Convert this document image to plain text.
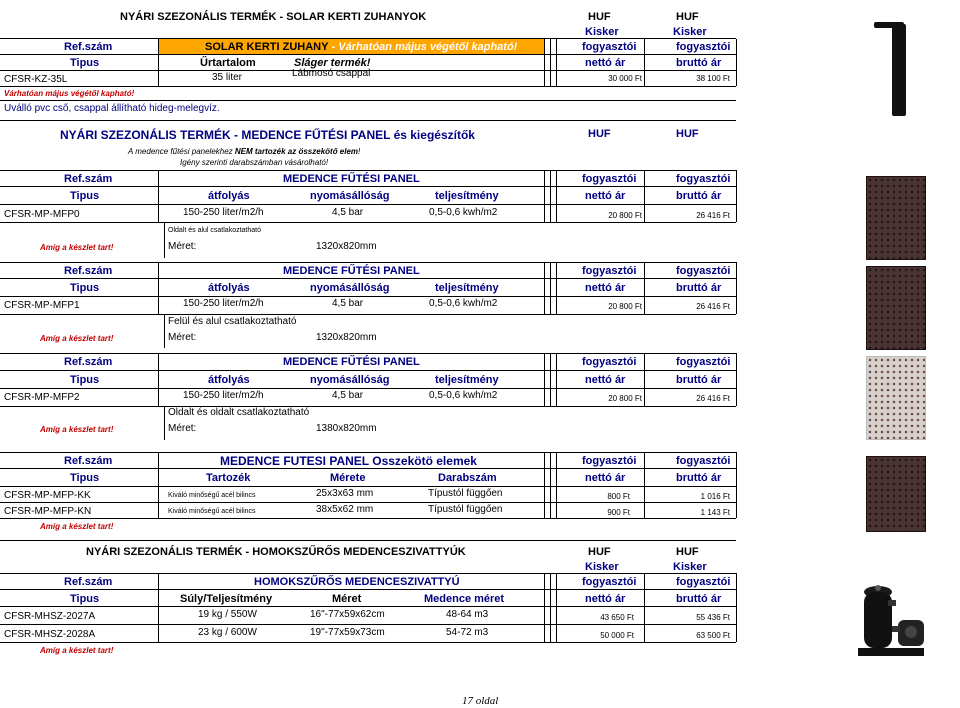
NYÁRI SZEZONÁLIS TERMÉK - SOLAR KERTI ZUHANYOK	HUF	HUF
Kisker	Kisker
Ref.szám	SOLAR KERTI ZUHANY - Várhatóan május végétől kapható!	fogyasztói	fogyasztói
Tipus	Űrtartalom	Sláger termék!	nettó ár	bruttó ár
CFSR-KZ-35L	35 liter	Lábmosó csappal	30 000 Ft	38 100 Ft
Várhatóan május végétől kapható!
Uválló pvc cső, csappal állítható hideg-melegvíz.
NYÁRI SZEZONÁLIS TERMÉK - MEDENCE FŰTÉSI PANEL és kiegészítők	HUF	HUF
A medence fűtési panelekhez NEM tartozék az összekötő elem!
Igény szerinti darabszámban vásárolható!
Ref.szám	MEDENCE FŰTÉSI PANEL	fogyasztói	fogyasztói
Tipus	átfolyás	nyomásállóság	teljesítmény	nettó ár	bruttó ár
CFSR-MP-MFP0	150-250 liter/m2/h	4,5 bar	0,5-0,6 kwh/m2	20 800 Ft	26 416 Ft
Oldalt és alul csatlakoztatható
Amíg a készlet tart!	Méret:	1320x820mm
Ref.szám	MEDENCE FŰTÉSI PANEL	fogyasztói	fogyasztói
Tipus	átfolyás	nyomásállóság	teljesítmény	nettó ár	bruttó ár
CFSR-MP-MFP1	150-250 liter/m2/h	4,5 bar	0,5-0,6 kwh/m2	20 800 Ft	26 416 Ft
Felül és alul csatlakoztatható
Amíg a készlet tart!	Méret:	1320x820mm
Ref.szám	MEDENCE FŰTÉSI PANEL	fogyasztói	fogyasztói
Tipus	átfolyás	nyomásállóság	teljesítmény	nettó ár	bruttó ár
CFSR-MP-MFP2	150-250 liter/m2/h	4,5 bar	0,5-0,6 kwh/m2	20 800 Ft	26 416 Ft
Oldalt és oldalt csatlakoztatható
Amíg a készlet tart!	Méret:	1380x820mm
Ref.szám	MEDENCE FUTESI PANEL Osszekötö elemek	fogyasztói	fogyasztói
Tipus	Tartozék	Mérete	Darabszám	nettó ár	bruttó ár
CFSR-MP-MFP-KK	Kiváló minőségű acél bilincs	25x3x63 mm	Típustól függően	800 Ft	1 016 Ft
CFSR-MP-MFP-KN	Kiváló minőségű acél bilincs	38x5x62 mm	Típustól függően	900 Ft	1 143 Ft
Amíg a készlet tart!
NYÁRI SZEZONÁLIS TERMÉK - HOMOKSZŰRŐS MEDENCESZIVATTYÚK	HUF	HUF
Kisker	Kisker
Ref.szám	HOMOKSZŰRŐS MEDENCESZIVATTYÚ	fogyasztói	fogyasztói
Tipus	Súly/Teljesítmény	Méret	Medence méret	nettó ár	bruttó ár
CFSR-MHSZ-2027A	19 kg / 550W	16"-77x59x62cm	48-64 m3	43 650 Ft	55 436 Ft
CFSR-MHSZ-2028A	23 kg / 600W	19"-77x59x73cm	54-72 m3	50 000 Ft	63 500 Ft
Amíg a készlet tart!
17 oldal
